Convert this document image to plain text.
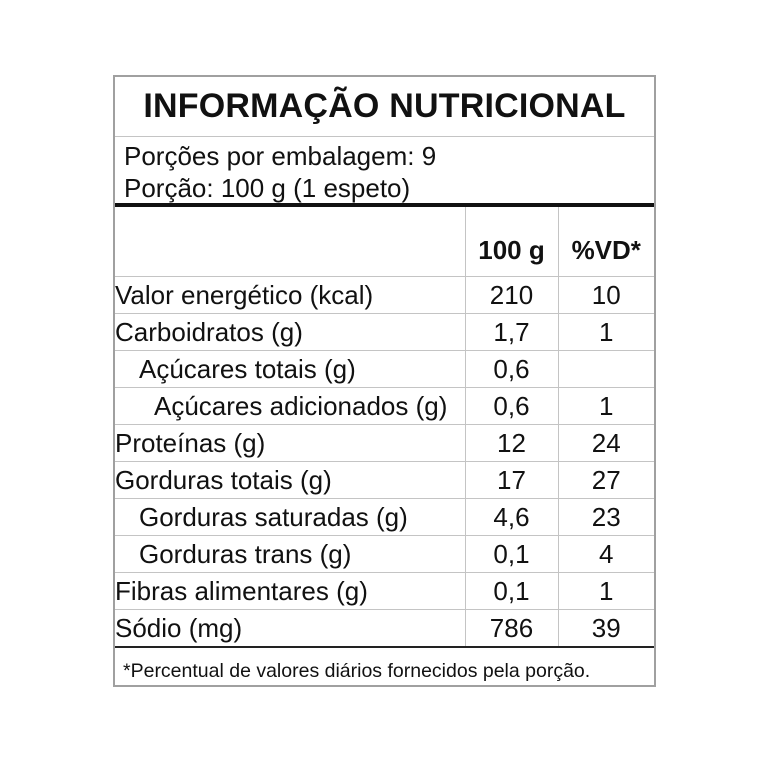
INFORMAÇÃO NUTRICIONAL
Porções por embalagem: 9
Porção: 100 g (1 espeto)
	100 g	%VD*
Valor energético (kcal)	210	10
Carboidratos (g)	1,7	1
Açúcares totais (g)	0,6	
Açúcares adicionados (g)	0,6	1
Proteínas (g)	12	24
Gorduras totais (g)	17	27
Gorduras saturadas (g)	4,6	23
Gorduras trans (g)	0,1	4
Fibras alimentares (g)	0,1	1
Sódio (mg)	786	39
*Percentual de valores diários fornecidos pela porção.
